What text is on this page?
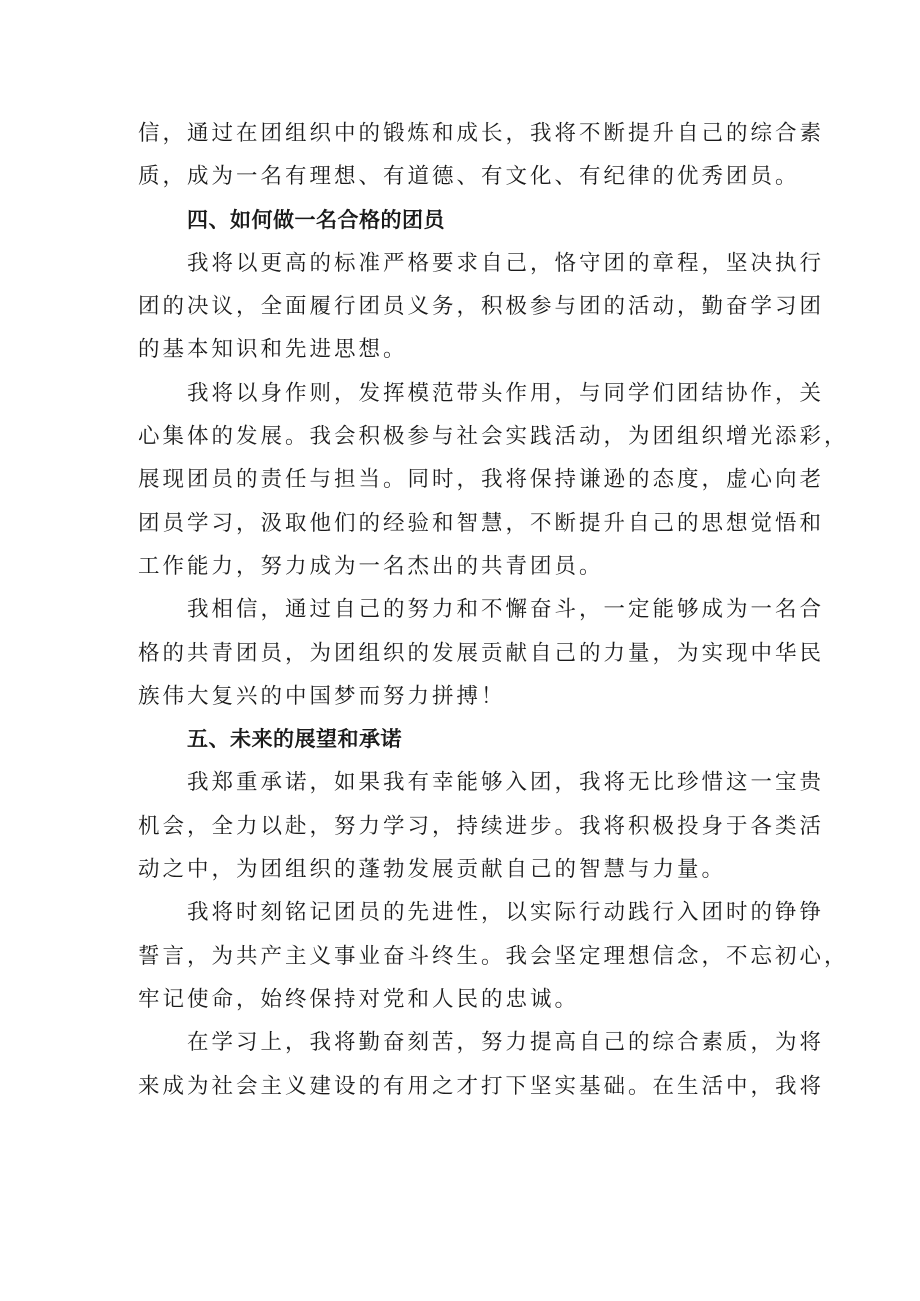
信，通过在团组织中的锻炼和成长，我将不断提升自己的综合素
质，成为一名有理想、有道德、有文化、有纪律的优秀团员。
四、如何做一名合格的团员
我将以更高的标准严格要求自己，恪守团的章程，坚决执行
团的决议，全面履行团员义务，积极参与团的活动，勤奋学习团
的基本知识和先进思想。
我将以身作则，发挥模范带头作用，与同学们团结协作，关
心集体的发展。我会积极参与社会实践活动，为团组织增光添彩，
展现团员的责任与担当。同时，我将保持谦逊的态度，虚心向老
团员学习，汲取他们的经验和智慧，不断提升自己的思想觉悟和
工作能力，努力成为一名杰出的共青团员。
我相信，通过自己的努力和不懈奋斗，一定能够成为一名合
格的共青团员，为团组织的发展贡献自己的力量，为实现中华民
族伟大复兴的中国梦而努力拼搏！
五、未来的展望和承诺
我郑重承诺，如果我有幸能够入团，我将无比珍惜这一宝贵
机会，全力以赴，努力学习，持续进步。我将积极投身于各类活
动之中，为团组织的蓬勃发展贡献自己的智慧与力量。
我将时刻铭记团员的先进性，以实际行动践行入团时的铮铮
誓言，为共产主义事业奋斗终生。我会坚定理想信念，不忘初心，
牢记使命，始终保持对党和人民的忠诚。
在学习上，我将勤奋刻苦，努力提高自己的综合素质，为将
来成为社会主义建设的有用之才打下坚实基础。在生活中，我将
